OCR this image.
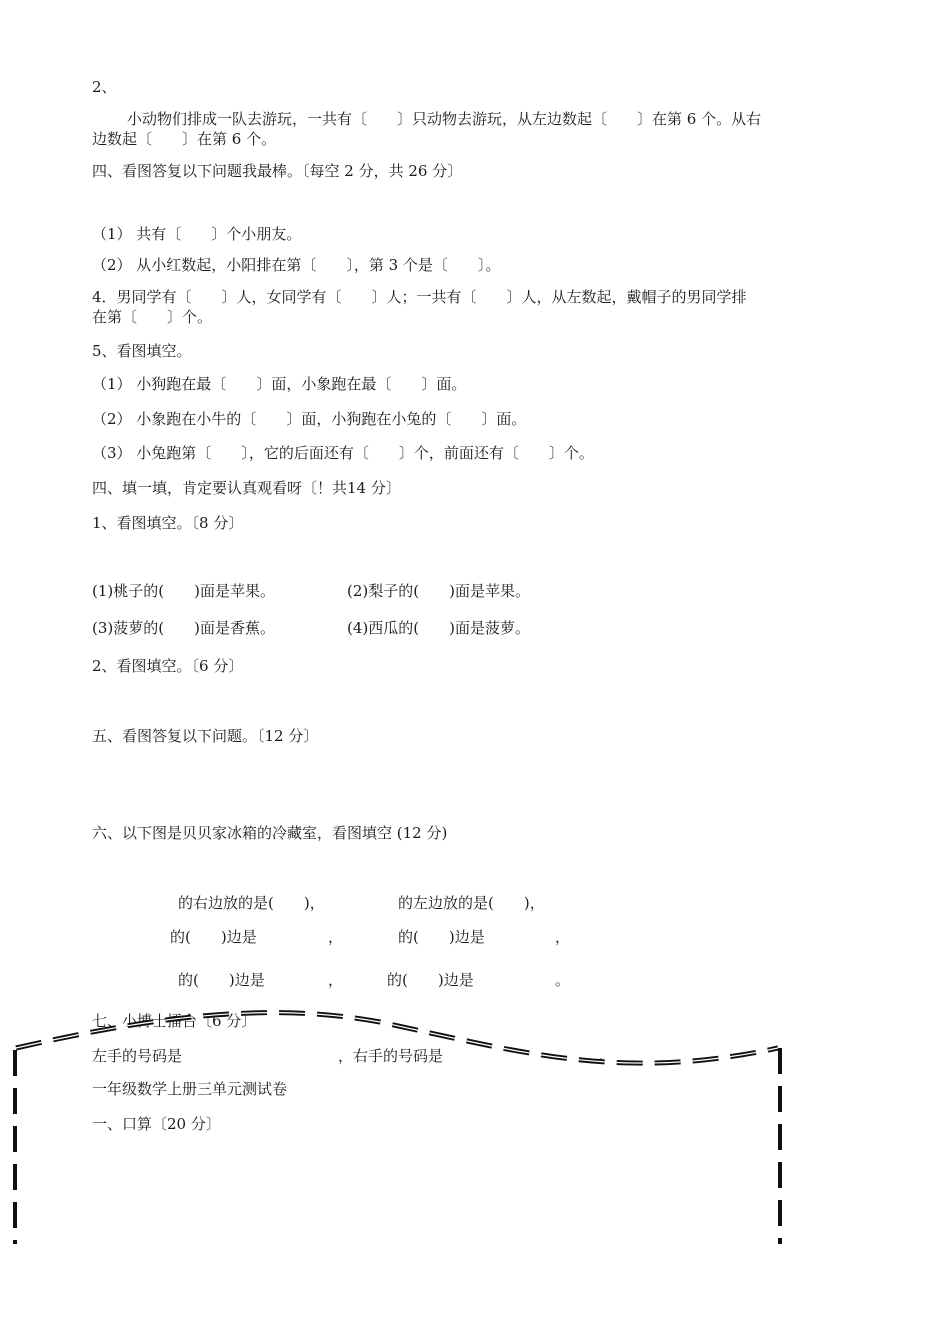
2、
小动物们排成一队去游玩，一共有〔　　〕只动物去游玩，从左边数起〔　　〕在第 6 个。从右
边数起〔　　〕在第 6 个。
四、看图答复以下问题我最棒。〔每空 2 分，共 26 分〕
（1） 共有〔　　〕个小朋友。
（2） 从小红数起，小阳排在第〔　　〕，第 3 个是〔　　〕。
4．男同学有〔　　〕人，女同学有〔　　〕人；一共有〔　　〕人，从左数起，戴帽子的男同学排
在第〔　　〕个。
5、看图填空。
（1） 小狗跑在最〔　　〕面，小象跑在最〔　　〕面。
（2） 小象跑在小牛的〔　　〕面，小狗跑在小兔的〔　　〕面。
（3） 小兔跑第〔　　〕，它的后面还有〔　　〕个，前面还有〔　　〕个。
四、填一填，肯定要认真观看呀〔！共14 分〕
1、看图填空。〔8 分〕
(1)桃子的(　　)面是苹果。	(2)梨子的(　　)面是苹果。
(3)菠萝的(　　)面是香蕉。	(4)西瓜的(　　)面是菠萝。
2、看图填空。〔6 分〕
五、看图答复以下问题。〔12 分〕
六、以下图是贝贝家冰箱的冷藏室，看图填空 (12 分)
的右边放的是(　　)，	的左边放的是(　　)，
的(　　)边是	，	的(　　)边是	，
的(　　)边是	，	的(　　)边是	。
七、小博士擂台〔6 分〕
左手的号码是	，右手的号码是	。
一年级数学上册三单元测试卷
一、口算〔20 分〕
